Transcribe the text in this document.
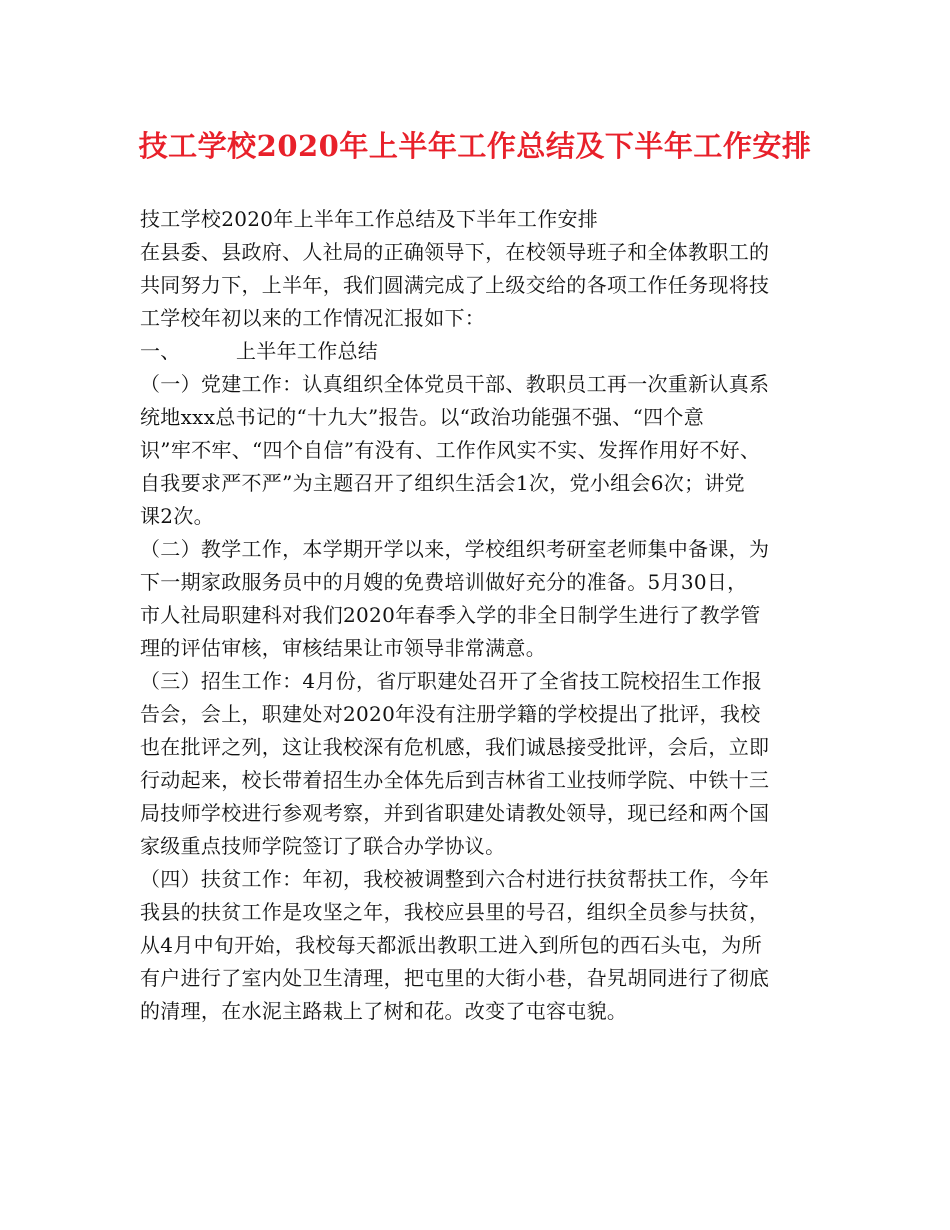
技工学校2020年上半年工作总结及下半年工作安排
技工学校2020年上半年工作总结及下半年工作安排
在县委、县政府、人社局的正确领导下，在校领导班子和全体教职工的
共同努力下，上半年，我们圆满完成了上级交给的各项工作任务现将技
工学校年初以来的工作情况汇报如下：
一、	上半年工作总结
（一）党建工作：认真组织全体党员干部、教职员工再一次重新认真系
统地xxx总书记的“十九大”报告。以“政治功能强不强、“四个意
识”牢不牢、“四个自信”有没有、工作作风实不实、发挥作用好不好、
自我要求严不严”为主题召开了组织生活会1次，党小组会6次；讲党
课2次。
（二）教学工作，本学期开学以来，学校组织考研室老师集中备课，为
下一期家政服务员中的月嫂的免费培训做好充分的准备。5月30日，
市人社局职建科对我们2020年春季入学的非全日制学生进行了教学管
理的评估审核，审核结果让市领导非常满意。
（三）招生工作：4月份，省厅职建处召开了全省技工院校招生工作报
告会，会上，职建处对2020年没有注册学籍的学校提出了批评，我校
也在批评之列，这让我校深有危机感，我们诚恳接受批评，会后，立即
行动起来，校长带着招生办全体先后到吉林省工业技师学院、中铁十三
局技师学校进行参观考察，并到省职建处请教处领导，现已经和两个国
家级重点技师学院签订了联合办学协议。
（四）扶贫工作：年初，我校被调整到六合村进行扶贫帮扶工作，今年
我县的扶贫工作是攻坚之年，我校应县里的号召，组织全员参与扶贫，
从4月中旬开始，我校每天都派出教职工进入到所包的西石头屯，为所
有户进行了室内处卫生清理，把屯里的大街小巷，旮旯胡同进行了彻底
的清理，在水泥主路栽上了树和花。改变了屯容屯貌。
